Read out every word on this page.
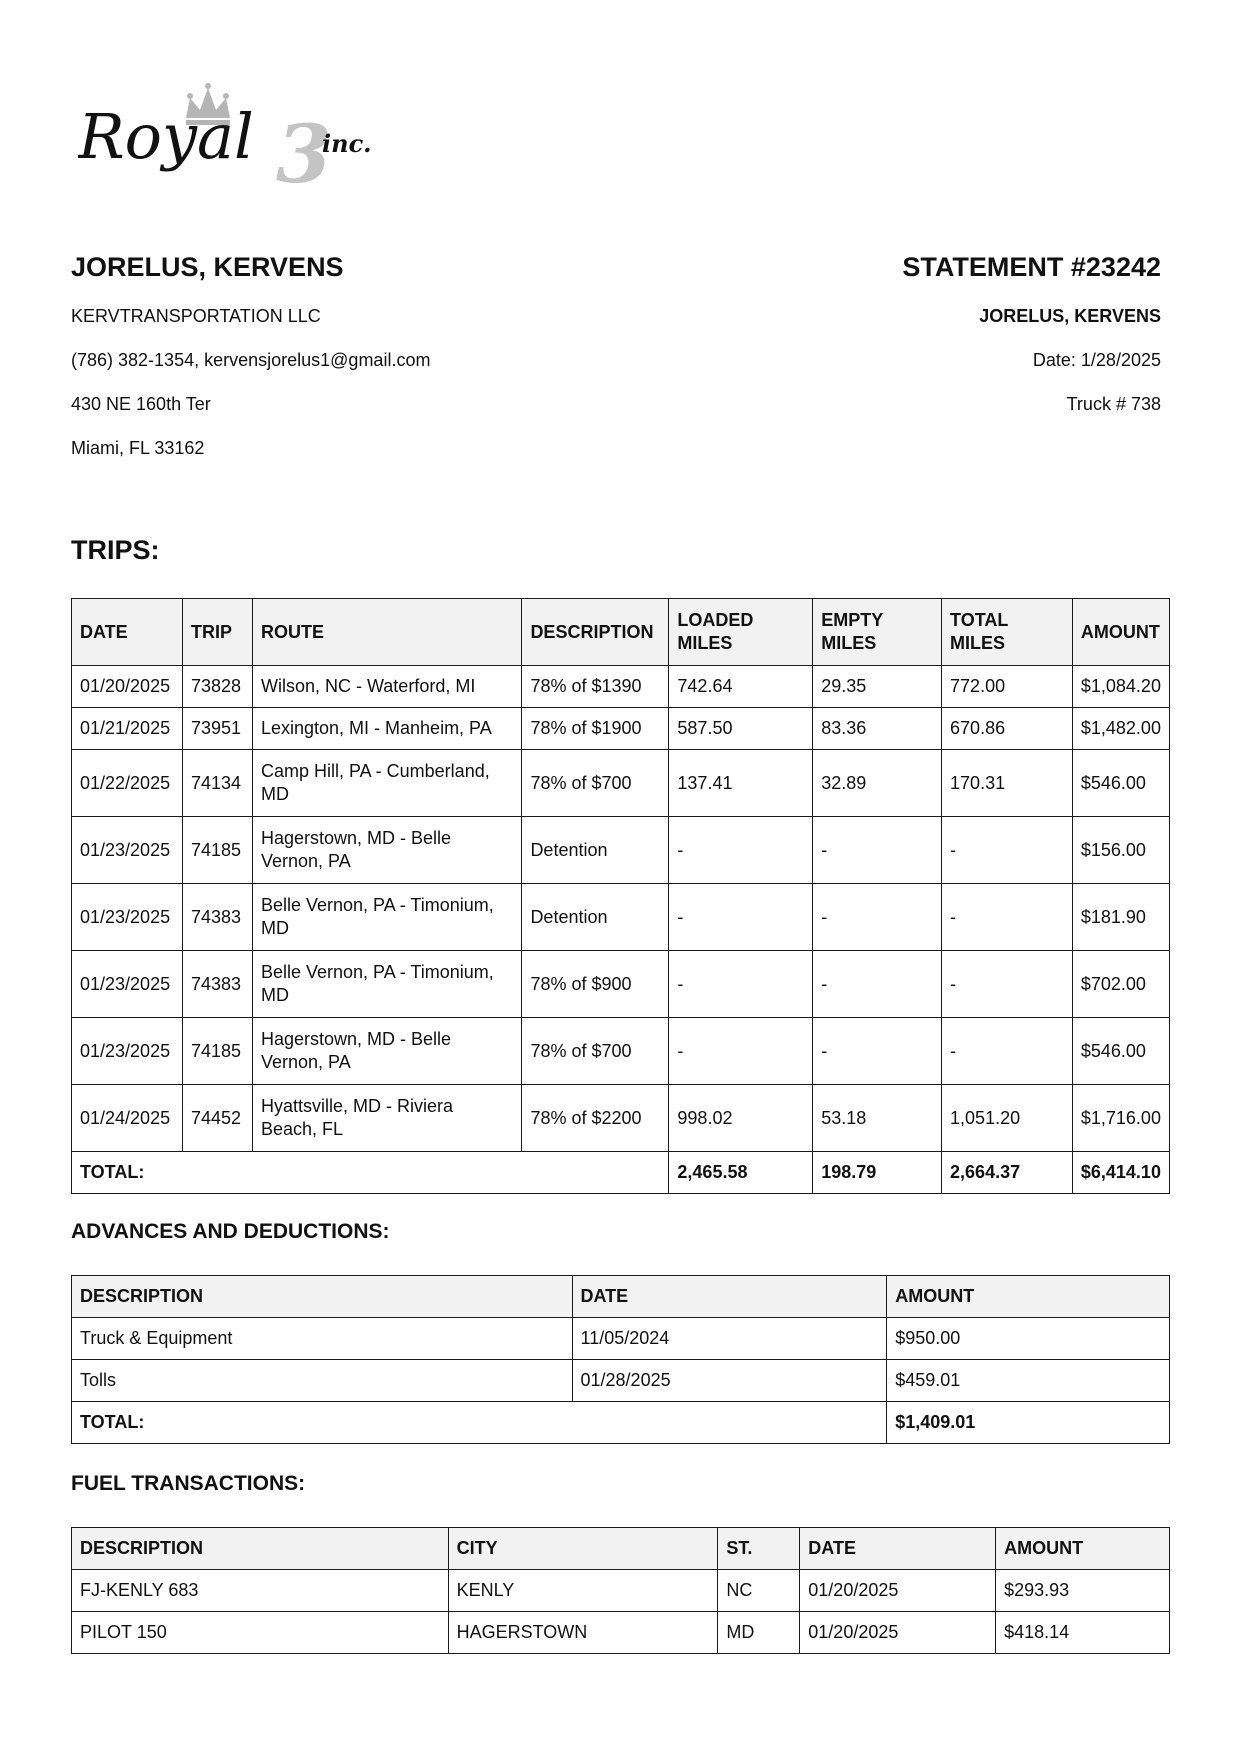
Royal 3
inc.
JORELUS, KERVENS
KERVTRANSPORTATION LLC
(786) 382-1354, kervensjorelus1@gmail.com
430 NE 160th Ter
Miami, FL 33162
STATEMENT #23242
JORELUS, KERVENS
Date: 1/28/2025
Truck # 738
TRIPS:
DATE	TRIP	ROUTE	DESCRIPTION	LOADED MILES	EMPTY MILES	TOTAL MILES	AMOUNT
01/20/2025	73828	Wilson, NC - Waterford, MI	78% of $1390	742.64	29.35	772.00	$1,084.20
01/21/2025	73951	Lexington, MI - Manheim, PA	78% of $1900	587.50	83.36	670.86	$1,482.00
01/22/2025	74134	Camp Hill, PA - Cumberland, MD	78% of $700	137.41	32.89	170.31	$546.00
01/23/2025	74185	Hagerstown, MD - Belle Vernon, PA	Detention	-	-	-	$156.00
01/23/2025	74383	Belle Vernon, PA - Timonium, MD	Detention	-	-	-	$181.90
01/23/2025	74383	Belle Vernon, PA - Timonium, MD	78% of $900	-	-	-	$702.00
01/23/2025	74185	Hagerstown, MD - Belle Vernon, PA	78% of $700	-	-	-	$546.00
01/24/2025	74452	Hyattsville, MD - Riviera Beach, FL	78% of $2200	998.02	53.18	1,051.20	$1,716.00
TOTAL:				2,465.58	198.79	2,664.37	$6,414.10
ADVANCES AND DEDUCTIONS:
DESCRIPTION	DATE	AMOUNT
Truck & Equipment	11/05/2024	$950.00
Tolls	01/28/2025	$459.01
TOTAL:		$1,409.01
FUEL TRANSACTIONS:
DESCRIPTION	CITY	ST.	DATE	AMOUNT
FJ-KENLY 683	KENLY	NC	01/20/2025	$293.93
PILOT 150	HAGERSTOWN	MD	01/20/2025	$418.14
